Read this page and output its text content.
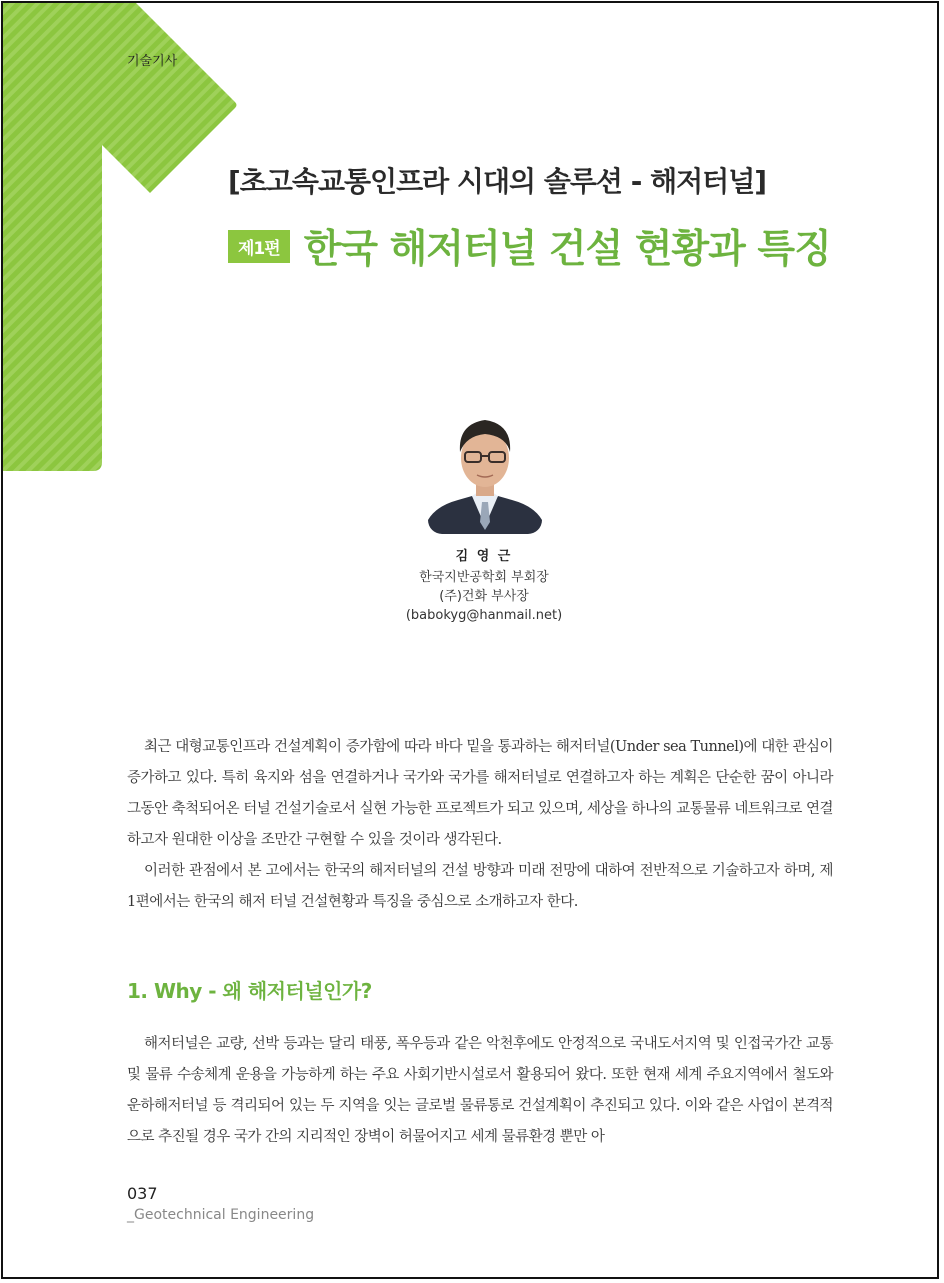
기술기사
[초고속교통인프라 시대의 솔루션 - 해저터널]
제1편 한국 해저터널 건설 현황과 특징
김 영 근
한국지반공학회 부회장
(주)건화 부사장
(babokyg@hanmail.net)

최근 대형교통인프라 건설계획이 증가함에 따라 바다 밑을 통과하는 해저터널(Under sea Tunnel)에 대한 관심이 증가하고 있다. 특히 육지와 섬을 연결하거나 국가와 국가를 해저터널로 연결하고자 하는 계획은 단순한 꿈이 아니라 그동안 축척되어온 터널 건설기술로서 실현 가능한 프로젝트가 되고 있으며, 세상을 하나의 교통물류 네트워크로 연결하고자 원대한 이상을 조만간 구현할 수 있을 것이라 생각된다.

이러한 관점에서 본 고에서는 한국의 해저터널의 건설 방향과 미래 전망에 대하여 전반적으로 기술하고자 하며, 제1편에서는 한국의 해저 터널 건설현황과 특징을 중심으로 소개하고자 한다.

1. Why - 왜 해저터널인가?

해저터널은 교량, 선박 등과는 달리 태풍, 폭우등과 같은 악천후에도 안정적으로 국내도서지역 및 인접국가간 교통 및 물류 수송체계 운용을 가능하게 하는 주요 사회기반시설로서 활용되어 왔다. 또한 현재 세계 주요지역에서 철도와 운하해저터널 등 격리되어 있는 두 지역을 잇는 글로벌 물류통로 건설계획이 추진되고 있다. 이와 같은 사업이 본격적으로 추진될 경우 국가 간의 지리적인 장벽이 허물어지고 세계 물류환경 뿐만 아

037
_Geotechnical Engineering
